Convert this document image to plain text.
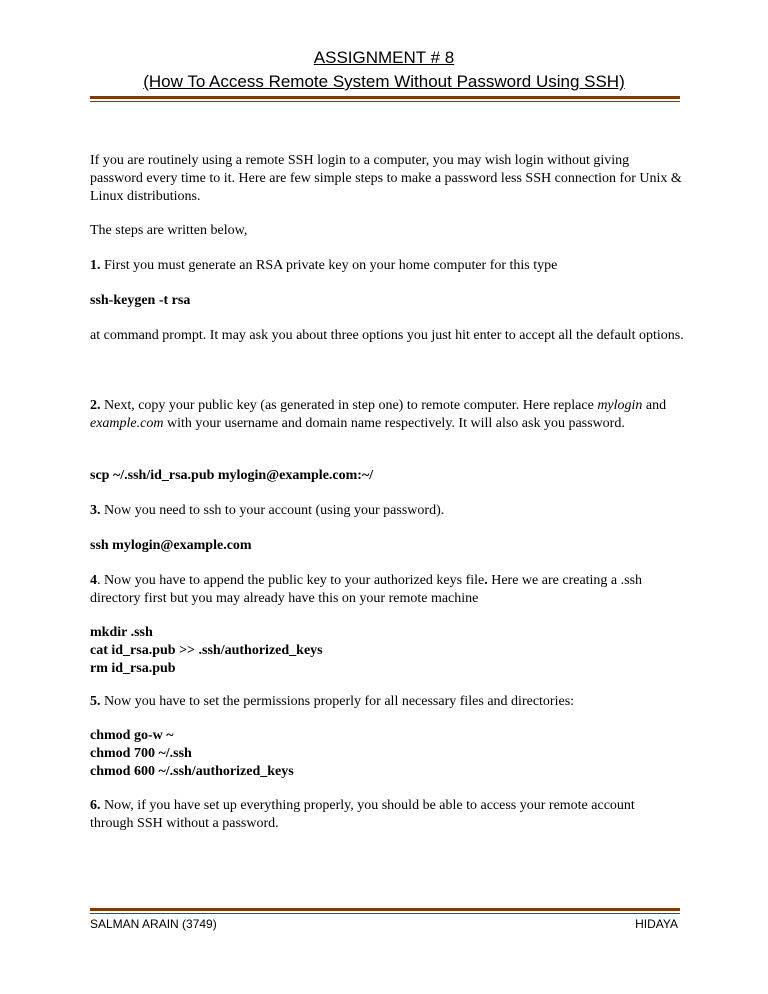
ASSIGNMENT # 8
(How To Access Remote System Without Password Using SSH)

If you are routinely using a remote SSH login to a computer, you may wish login without giving password every time to it. Here are few simple steps to make a password less SSH connection for Unix & Linux distributions.

The steps are written below,

1. First you must generate an RSA private key on your home computer for this type

ssh-keygen -t rsa

at command prompt. It may ask you about three options you just hit enter to accept all the default options.

2. Next, copy your public key (as generated in step one) to remote computer. Here replace mylogin and example.com with your username and domain name respectively. It will also ask you password.

scp ~/.ssh/id_rsa.pub mylogin@example.com:~/

3. Now you need to ssh to your account (using your password).

ssh mylogin@example.com

4. Now you have to append the public key to your authorized keys file. Here we are creating a .ssh directory first but you may already have this on your remote machine

mkdir .ssh

cat id_rsa.pub >> .ssh/authorized_keys

rm id_rsa.pub

5. Now you have to set the permissions properly for all necessary files and directories:

chmod go-w ~

chmod 700 ~/.ssh

chmod 600 ~/.ssh/authorized_keys

6. Now, if you have set up everything properly, you should be able to access your remote account through SSH without a password.

SALMAN ARAIN (3749)	HIDAYA
